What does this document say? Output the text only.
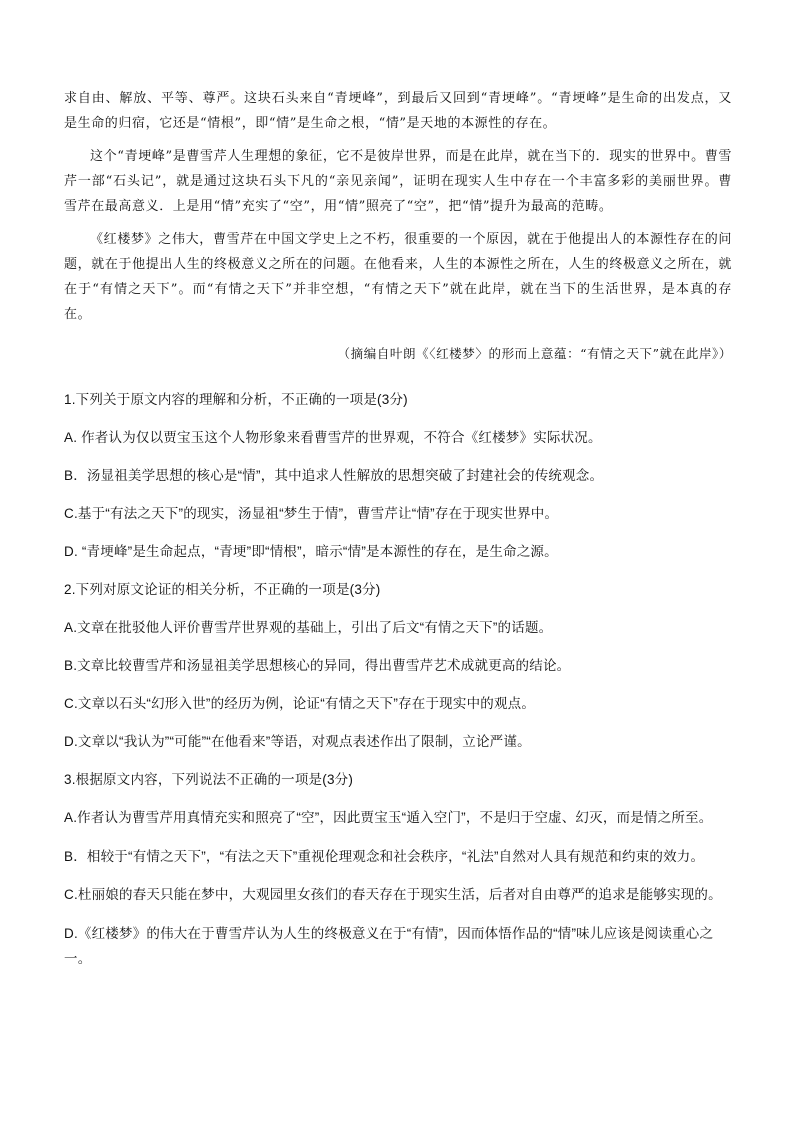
求自由、解放、平等、尊严。这块石头来自“青埂峰”，到最后又回到“青埂峰”。“青埂峰”是生命的出发点，又是生命的归宿，它还是“情根”，即“情”是生命之根，“情”是天地的本源性的存在。

这个“青埂峰”是曹雪芹人生理想的象征，它不是彼岸世界，而是在此岸，就在当下的．现实的世界中。曹雪芹一部“石头记”，就是通过这块石头下凡的“亲见亲闻”，证明在现实人生中存在一个丰富多彩的美丽世界。曹雪芹在最高意义．上是用“情”充实了“空”，用“情”照亮了“空”，把“情”提升为最高的范畴。

《红楼梦》之伟大，曹雪芹在中国文学史上之不朽，很重要的一个原因，就在于他提出人的本源性存在的问题，就在于他提出人生的终极意义之所在的问题。在他看来，人生的本源性之所在，人生的终极意义之所在，就在于“有情之天下”。而“有情之天下”并非空想，“有情之天下”就在此岸，就在当下的生活世界，是本真的存在。

（摘编自叶朗《〈红楼梦〉的形而上意蕴：“有情之天下”就在此岸》）

1.下列关于原文内容的理解和分析，不正确的一项是(3分)

A. 作者认为仅以贾宝玉这个人物形象来看曹雪芹的世界观，不符合《红楼梦》实际状况。

B．汤显祖美学思想的核心是“情”，其中追求人性解放的思想突破了封建社会的传统观念。

C.基于“有法之天下”的现实，汤显祖“梦生于情”，曹雪芹让“情”存在于现实世界中。

D. “青埂峰”是生命起点，“青埂”即“情根”，暗示“情”是本源性的存在，是生命之源。

2.下列对原文论证的相关分析，不正确的一项是(3分)

A.文章在批驳他人评价曹雪芹世界观的基础上，引出了后文“有情之天下”的话题。

B.文章比较曹雪芹和汤显祖美学思想核心的异同，得出曹雪芹艺术成就更高的结论。

C.文章以石头“幻形入世”的经历为例，论证“有情之天下”存在于现实中的观点。

D.文章以“我认为”“可能”“在他看来”等语，对观点表述作出了限制，立论严谨。

3.根据原文内容，下列说法不正确的一项是(3分)

A.作者认为曹雪芹用真情充实和照亮了“空”，因此贾宝玉“遁入空门”，不是归于空虚、幻灭，而是情之所至。

B．相较于“有情之天下”，“有法之天下”重视伦理观念和社会秩序，“礼法”自然对人具有规范和约束的效力。

C.杜丽娘的春天只能在梦中，大观园里女孩们的春天存在于现实生活，后者对自由尊严的追求是能够实现的。

D.《红楼梦》的伟大在于曹雪芹认为人生的终极意义在于“有情”，因而体悟作品的“情”味儿应该是阅读重心之一。
